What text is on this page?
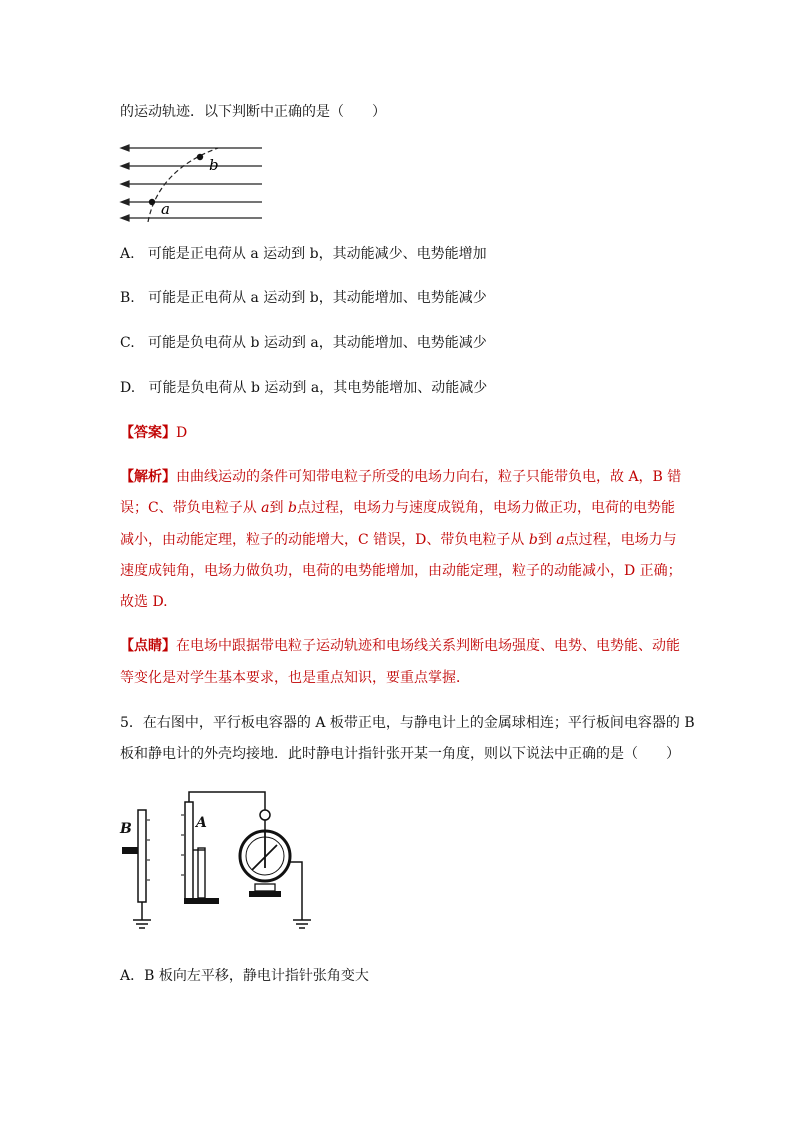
的运动轨迹．以下判断中正确的是（　　）
b
a
A. 可能是正电荷从 a 运动到 b，其动能减少、电势能增加
B. 可能是正电荷从 a 运动到 b，其动能增加、电势能减少
C. 可能是负电荷从 b 运动到 a，其动能增加、电势能减少
D. 可能是负电荷从 b 运动到 a，其电势能增加、动能减少
【答案】D
【解析】由曲线运动的条件可知带电粒子所受的电场力向右，粒子只能带负电，故 A，B 错
误；C、带负电粒子从 a到 b点过程，电场力与速度成锐角，电场力做正功，电荷的电势能
减小，由动能定理，粒子的动能增大，C 错误，D、带负电粒子从 b到 a点过程，电场力与
速度成钝角，电场力做负功，电荷的电势能增加，由动能定理，粒子的动能减小，D 正确；
故选 D.
【点睛】在电场中跟据带电粒子运动轨迹和电场线关系判断电场强度、电势、电势能、动能
等变化是对学生基本要求，也是重点知识，要重点掌握．
5．在右图中，平行板电容器的 A 板带正电，与静电计上的金属球相连；平行板间电容器的 B
板和静电计的外壳均接地．此时静电计指针张开某一角度，则以下说法中正确的是（　　）
B	A
A．B 板向左平移，静电计指针张角变大
